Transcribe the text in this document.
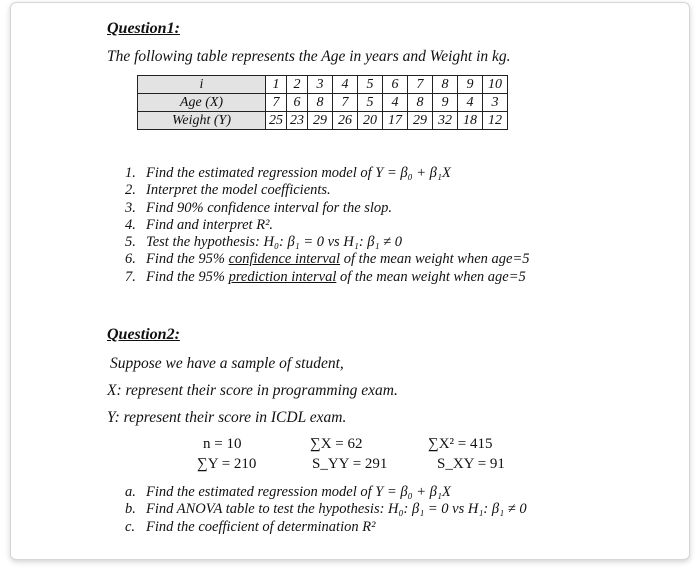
Question1:
The following table represents the Age in years and Weight in kg.
i	1	2	3	4	5	6	7	8	9	10
Age (X)	7	6	8	7	5	4	8	9	4	3
Weight (Y)	25	23	29	26	20	17	29	32	18	12
1. Find the estimated regression model of Y = β₀ + β₁X
2. Interpret the model coefficients.
3. Find 90% confidence interval for the slop.
4. Find and interpret R².
5. Test the hypothesis: H₀: β₁ = 0 vs H₁: β₁ ≠ 0
6. Find the 95% confidence interval of the mean weight when age=5
7. Find the 95% prediction interval of the mean weight when age=5
Question2:
Suppose we have a sample of student,
X: represent their score in programming exam.
Y: represent their score in ICDL exam.
n = 10	∑X = 62	∑X² = 415
∑Y = 210	S_YY = 291	S_XY = 91
a. Find the estimated regression model of Y = β₀ + β₁X
b. Find ANOVA table to test the hypothesis: H₀: β₁ = 0 vs H₁: β₁ ≠ 0
c. Find the coefficient of determination R²
